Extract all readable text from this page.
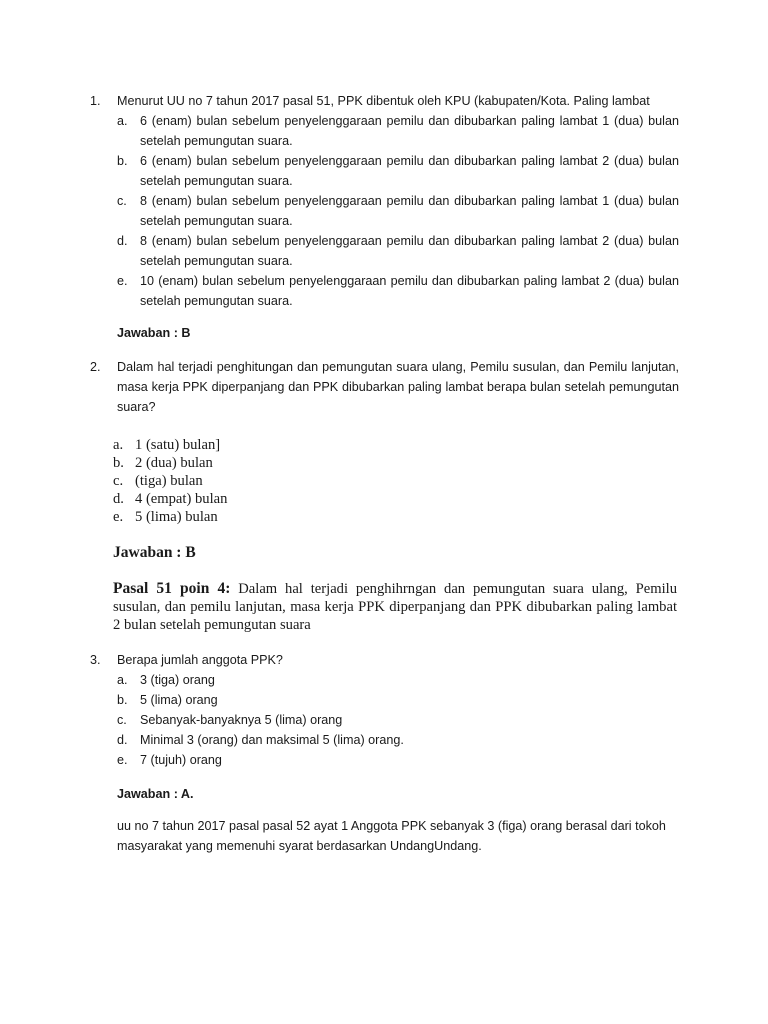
1. Menurut UU no 7 tahun 2017 pasal 51, PPK dibentuk oleh KPU (kabupaten/Kota. Paling lambat
a. 6 (enam) bulan sebelum penyelenggaraan pemilu dan dibubarkan paling lambat 1 (dua) bulan setelah pemungutan suara.
b. 6 (enam) bulan sebelum penyelenggaraan pemilu dan dibubarkan paling lambat 2 (dua) bulan setelah pemungutan suara.
c. 8 (enam) bulan sebelum penyelenggaraan pemilu dan dibubarkan paling lambat 1 (dua) bulan setelah pemungutan suara.
d. 8 (enam) bulan sebelum penyelenggaraan pemilu dan dibubarkan paling lambat 2 (dua) bulan setelah pemungutan suara.
e. 10 (enam) bulan sebelum penyelenggaraan pemilu dan dibubarkan paling lambat 2 (dua) bulan setelah pemungutan suara.
Jawaban : B
2. Dalam hal terjadi penghitungan dan pemungutan suara ulang, Pemilu susulan, dan Pemilu lanjutan, masa kerja PPK diperpanjang dan PPK dibubarkan paling lambat berapa bulan setelah pemungutan suara?
a. 1 (satu) bulan]
b. 2 (dua) bulan
c. (tiga) bulan
d. 4 (empat) bulan
e. 5 (lima) bulan
Jawaban : B
Pasal 51 poin 4: Dalam hal terjadi penghihrngan dan pemungutan suara ulang, Pemilu susulan, dan pemilu lanjutan, masa kerja PPK diperpanjang dan PPK dibubarkan paling lambat 2 bulan setelah pemungutan suara
3. Berapa jumlah anggota PPK?
a. 3 (tiga) orang
b. 5 (lima) orang
c. Sebanyak-banyaknya 5 (lima) orang
d. Minimal 3 (orang) dan maksimal 5 (lima) orang.
e. 7 (tujuh) orang
Jawaban : A.
uu no 7 tahun 2017 pasal pasal 52 ayat 1 Anggota PPK sebanyak 3 (figa) orang berasal dari tokoh masyarakat yang memenuhi syarat berdasarkan UndangUndang.
